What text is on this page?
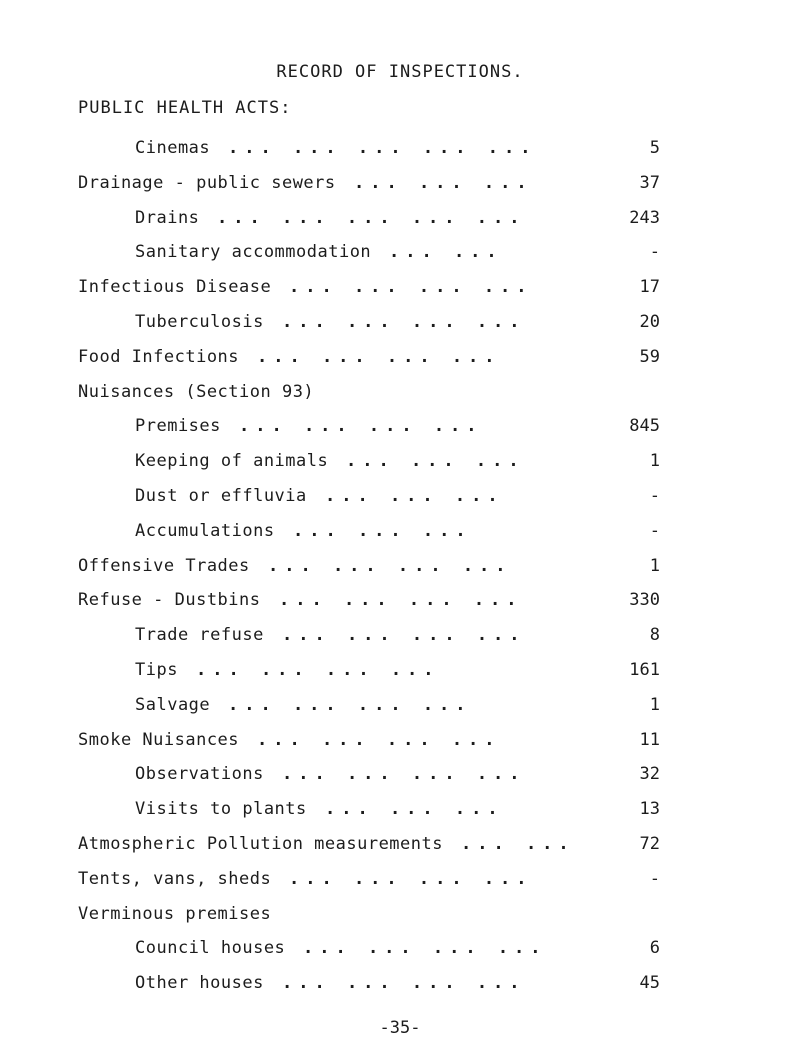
RECORD OF INSPECTIONS.
PUBLIC HEALTH ACTS:
Cinemas ... ... ... ... ...	5
Drainage - public sewers ... ... ...	37
Drains ... ... ... ... ...	243
Sanitary accommodation ... ...	-
Infectious Disease ... ... ... ...	17
Tuberculosis ... ... ... ...	20
Food Infections ... ... ... ...	59
Nuisances (Section 93)
Premises ... ... ... ...	845
Keeping of animals ... ... ...	1
Dust or effluvia ... ... ...	-
Accumulations ... ... ...	-
Offensive Trades ... ... ... ...	1
Refuse - Dustbins ... ... ... ...	330
Trade refuse ... ... ... ...	8
Tips ... ... ... ...	161
Salvage ... ... ... ...	1
Smoke Nuisances ... ... ... ...	11
Observations ... ... ... ...	32
Visits to plants ... ... ...	13
Atmospheric Pollution measurements ... ...	72
Tents, vans, sheds ... ... ... ...	-
Verminous premises
Council houses ... ... ... ...	6
Other houses ... ... ... ...	45
-35-
